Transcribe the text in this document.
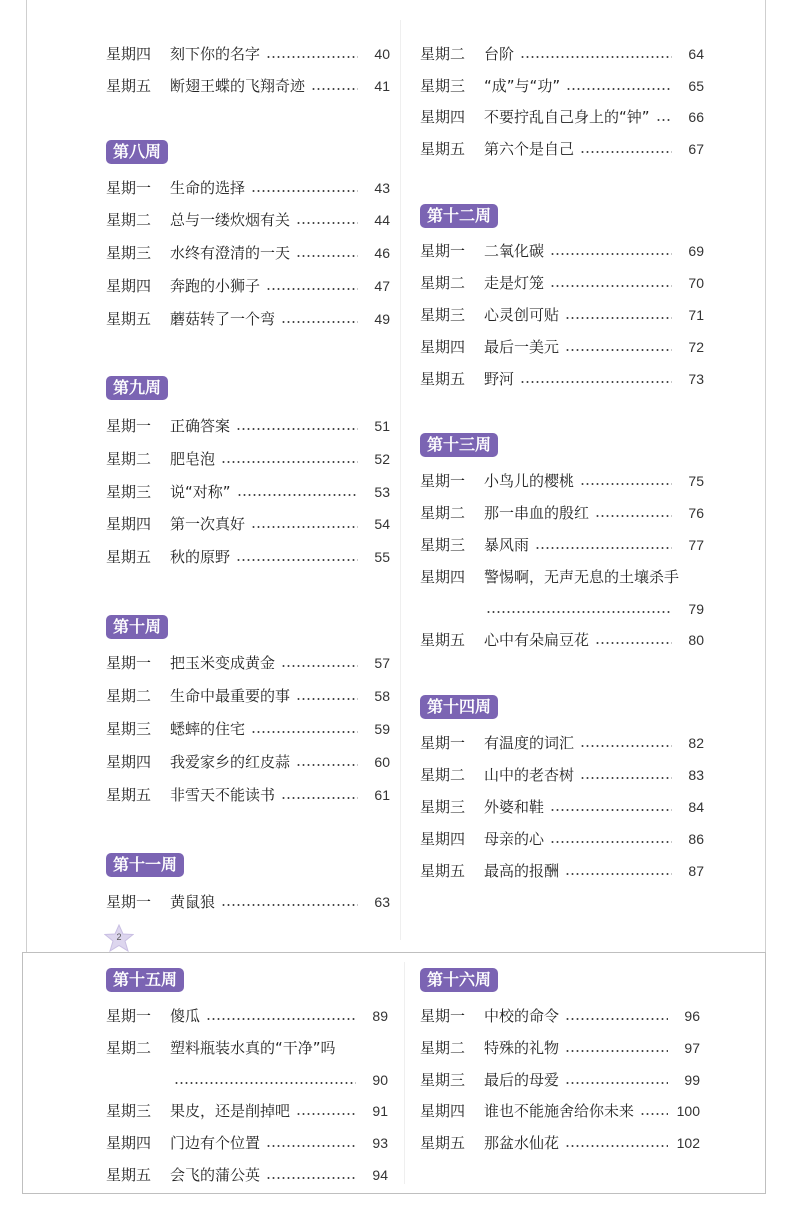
2
星期四	刻下你的名字	40
星期五	断翅王蝶的飞翔奇迹	41
第八周
星期一	生命的选择	43
星期二	总与一缕炊烟有关	44
星期三	水终有澄清的一天	46
星期四	奔跑的小狮子	47
星期五	蘑菇转了一个弯	49
第九周
星期一	正确答案	51
星期二	肥皂泡	52
星期三	说“对称”	53
星期四	第一次真好	54
星期五	秋的原野	55
第十周
星期一	把玉米变成黄金	57
星期二	生命中最重要的事	58
星期三	蟋蟀的住宅	59
星期四	我爱家乡的红皮蒜	60
星期五	非雪天不能读书	61
第十一周
星期一	黄鼠狼	63
星期二	台阶	64
星期三	“成”与“功”	65
星期四	不要拧乱自己身上的“钟”	66
星期五	第六个是自己	67
第十二周
星期一	二氧化碳	69
星期二	走是灯笼	70
星期三	心灵创可贴	71
星期四	最后一美元	72
星期五	野河	73
第十三周
星期一	小鸟儿的樱桃	75
星期二	那一串血的殷红	76
星期三	暴风雨	77
星期四	警惕啊，无声无息的土壤杀手
79
星期五	心中有朵扁豆花	80
第十四周
星期一	有温度的词汇	82
星期二	山中的老杏树	83
星期三	外婆和鞋	84
星期四	母亲的心	86
星期五	最高的报酬	87
第十五周
星期一	傻瓜	89
星期二	塑料瓶装水真的“干净”吗
90
星期三	果皮，还是削掉吧	91
星期四	门边有个位置	93
星期五	会飞的蒲公英	94
第十六周
星期一	中校的命令	96
星期二	特殊的礼物	97
星期三	最后的母爱	99
星期四	谁也不能施舍给你未来	100
星期五	那盆水仙花	102
